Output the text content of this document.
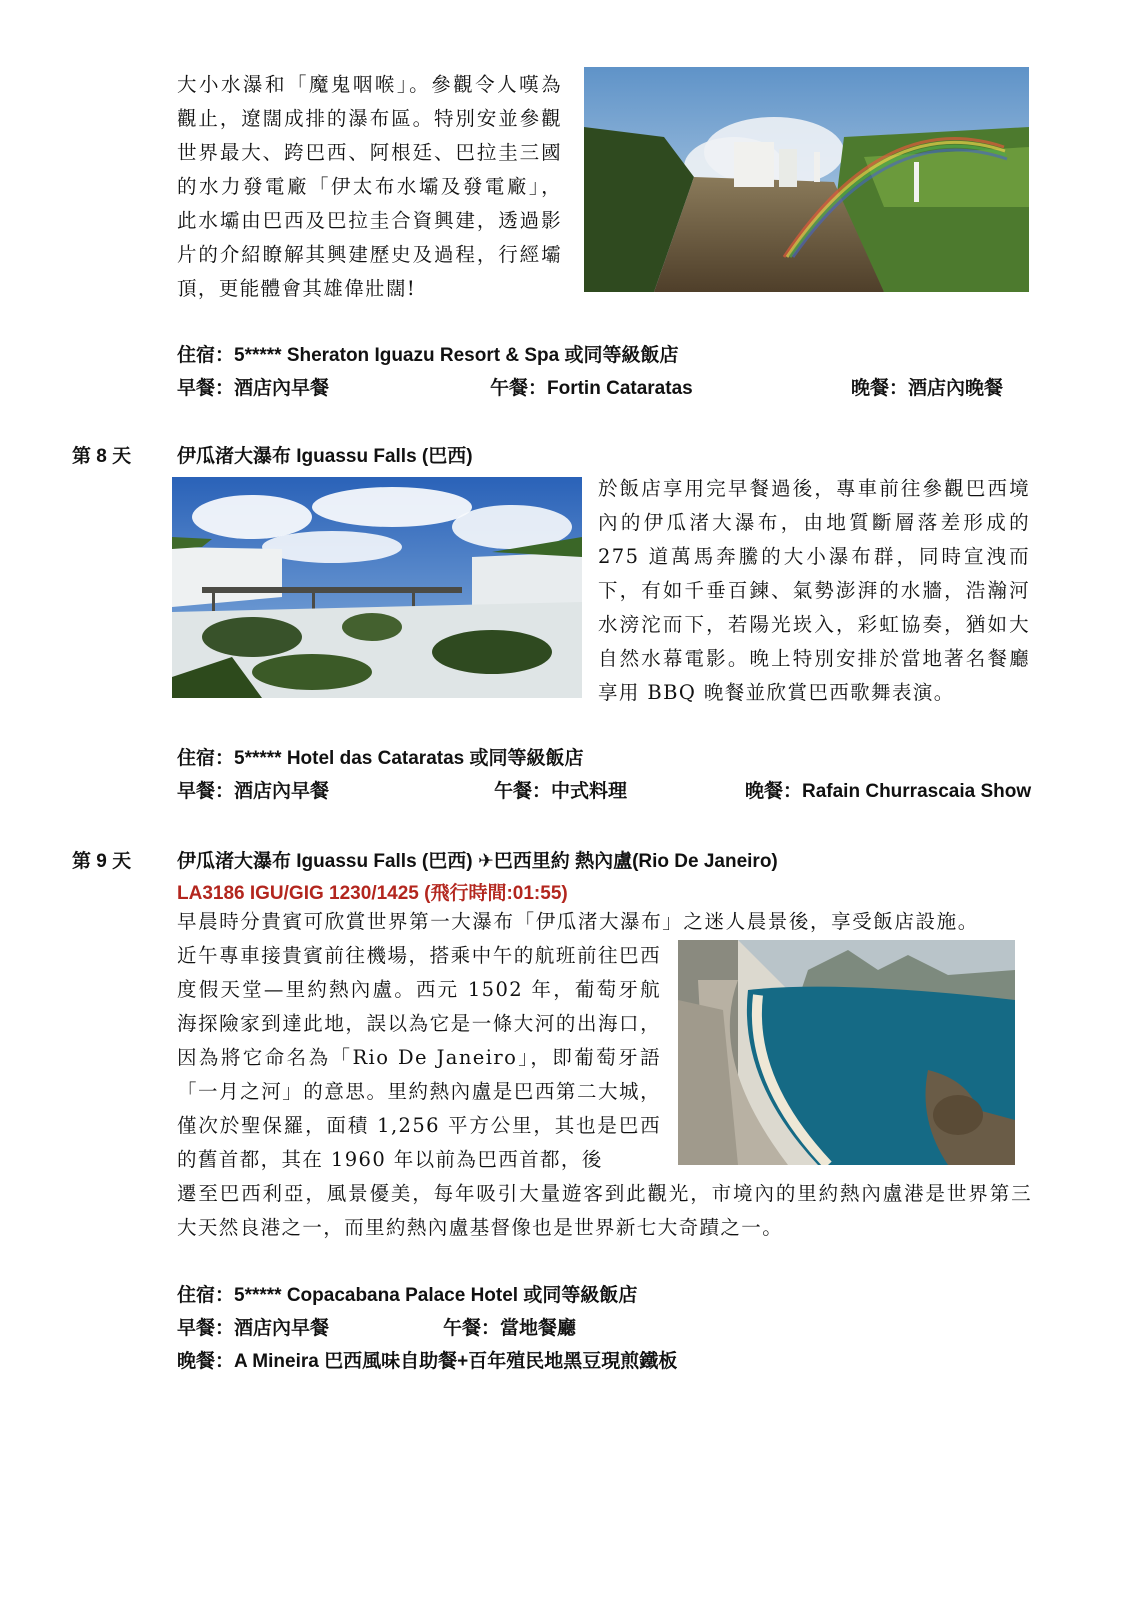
大小水瀑和「魔鬼咽喉」。參觀令人嘆為觀止，遼闊成排的瀑布區。特別安並參觀世界最大、跨巴西、阿根廷、巴拉圭三國的水力發電廠「伊太布水壩及發電廠」，此水壩由巴西及巴拉圭合資興建，透過影片的介紹瞭解其興建歷史及過程，行經壩頂，更能體會其雄偉壯闊!

住宿：5***** Sheraton Iguazu Resort & Spa 或同等級飯店
早餐：酒店內早餐	午餐：Fortin Cataratas	晚餐：酒店內晚餐
第 8 天 伊瓜渚大瀑布 Iguassu Falls (巴西)

於飯店享用完早餐過後，專車前往參觀巴西境內的伊瓜渚大瀑布，由地質斷層落差形成的 275 道萬馬奔騰的大小瀑布群，同時宣洩而下，有如千垂百鍊、氣勢澎湃的水牆，浩瀚河水滂沱而下，若陽光崁入，彩虹協奏，猶如大自然水幕電影。晚上特別安排於當地著名餐廳享用 BBQ 晚餐並欣賞巴西歌舞表演。

住宿：5***** Hotel das Cataratas 或同等級飯店
早餐：酒店內早餐	午餐：中式料理	晚餐：Rafain Churrascaia Show
第 9 天 伊瓜渚大瀑布 Iguassu Falls (巴西) ✈巴西里約 熱內盧(Rio De Janeiro)
LA3186 IGU/GIG 1230/1425 (飛行時間:01:55)

早晨時分貴賓可欣賞世界第一大瀑布「伊瓜渚大瀑布」之迷人晨景後，享受飯店設施。

近午專車接貴賓前往機場，搭乘中午的航班前往巴西度假天堂—里約熱內盧。西元 1502 年，葡萄牙航海探險家到達此地，誤以為它是一條大河的出海口，因為將它命名為「Rio De Janeiro」，即葡萄牙語「一月之河」的意思。里約熱內盧是巴西第二大城，僅次於聖保羅，面積 1,256 平方公里，其也是巴西的舊首都，其在 1960 年以前為巴西首都，後

遷至巴西利亞，風景優美，每年吸引大量遊客到此觀光，市境內的里約熱內盧港是世界第三大天然良港之一，而里約熱內盧基督像也是世界新七大奇蹟之一。

住宿：5***** Copacabana Palace Hotel 或同等級飯店
早餐：酒店內早餐	午餐：當地餐廳
晚餐：A Mineira 巴西風味自助餐+百年殖民地黑豆現煎鐵板
